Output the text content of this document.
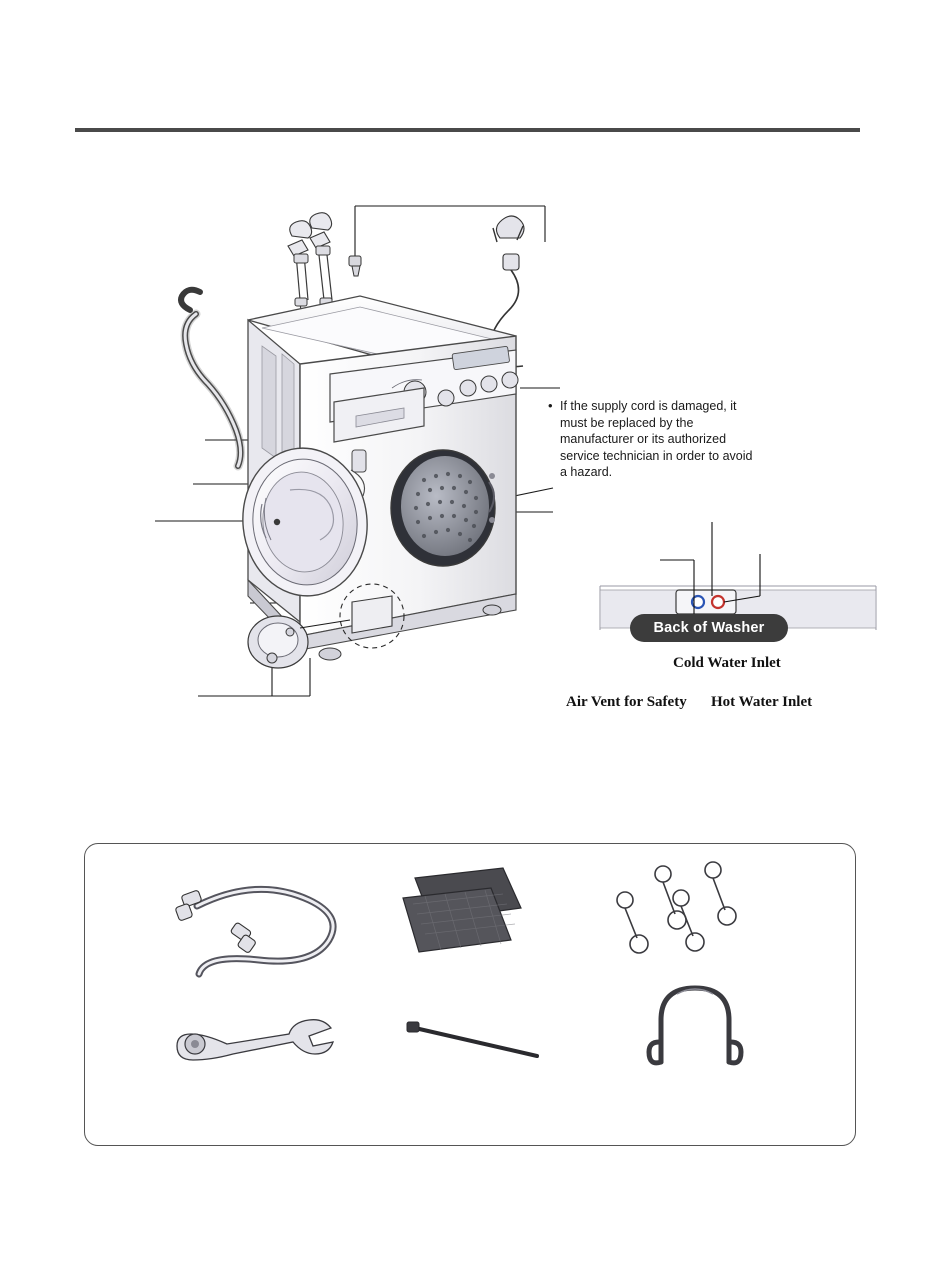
• If the supply cord is damaged, it must be replaced by the manufacturer or its authorized service technician in order to avoid a hazard.
Back of Washer
Cold Water Inlet
Air Vent for Safety Hot Water Inlet
